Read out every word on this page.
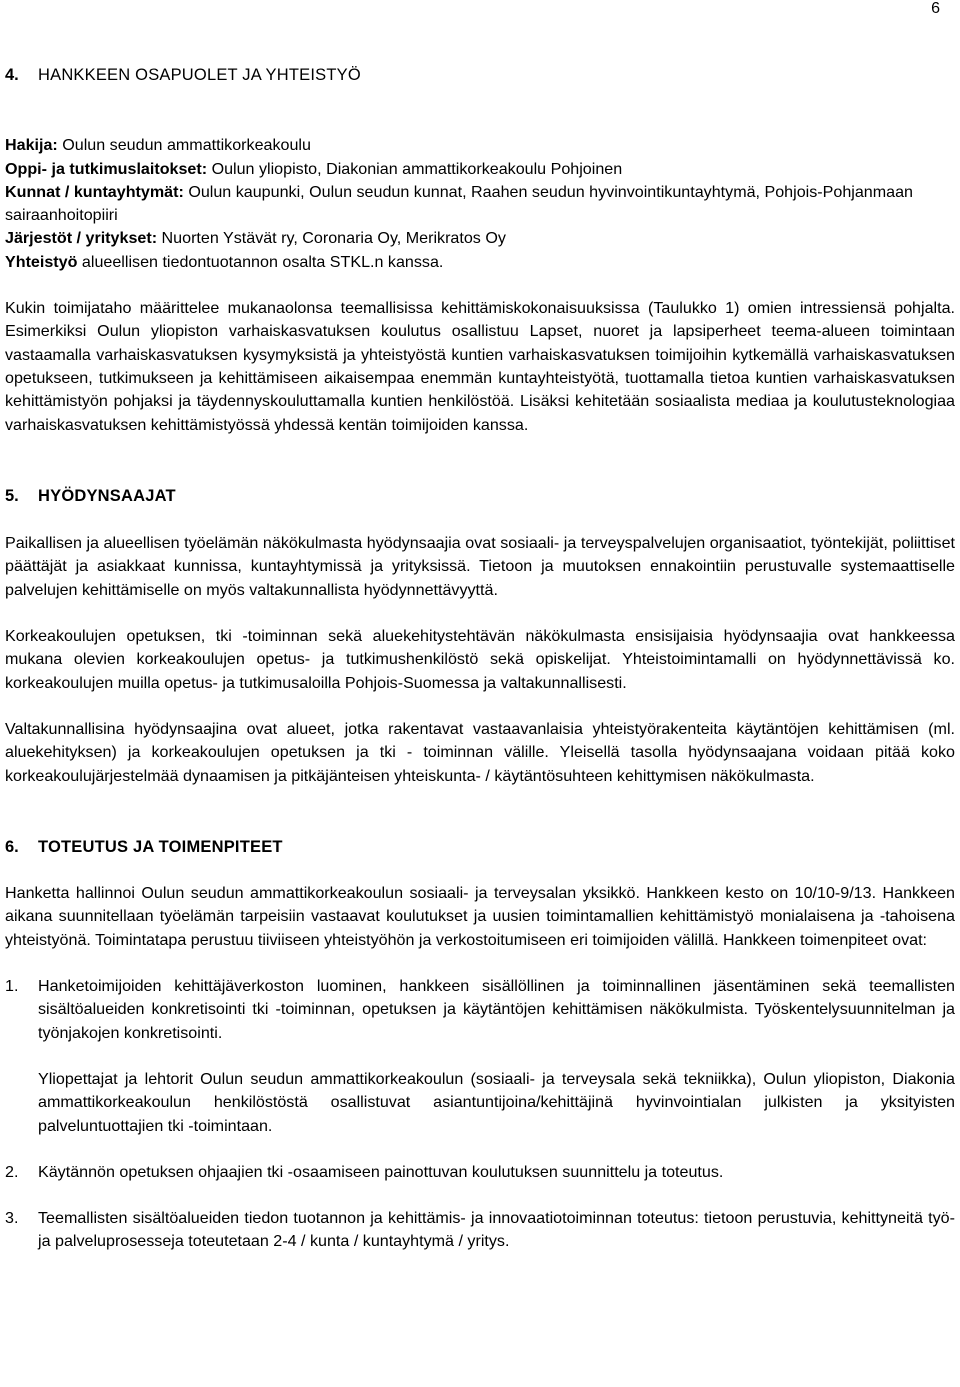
6
4.	HANKKEEN OSAPUOLET JA YHTEISTYÖ
Hakija: Oulun seudun ammattikorkeakoulu
Oppi- ja tutkimuslaitokset: Oulun yliopisto, Diakonian ammattikorkeakoulu Pohjoinen
Kunnat / kuntayhtymät: Oulun kaupunki, Oulun seudun kunnat, Raahen seudun hyvinvointikuntayhtymä, Pohjois-Pohjanmaan sairaanhoitopiiri
Järjestöt / yritykset: Nuorten Ystävät ry, Coronaria Oy, Merikratos Oy
Yhteistyö alueellisen tiedontuotannon osalta STKL.n kanssa.

Kukin toimijataho määrittelee mukanaolonsa teemallisissa kehittämiskokonaisuuksissa (Taulukko 1) omien intressiensä pohjalta. Esimerkiksi Oulun yliopiston varhaiskasvatuksen koulutus osallistuu Lapset, nuoret ja lapsiperheet teema-alueen toimintaan vastaamalla varhaiskasvatuksen kysymyksistä ja yhteistyöstä kuntien varhaiskasvatuksen toimijoihin kytkemällä varhaiskasvatuksen opetukseen, tutkimukseen ja kehittämiseen aikaisempaa enemmän kuntayhteistyötä, tuottamalla tietoa kuntien varhaiskasvatuksen kehittämistyön pohjaksi ja täydennyskouluttamalla kuntien henkilöstöä. Lisäksi kehitetään sosiaalista mediaa ja koulutusteknologiaa varhaiskasvatuksen kehittämistyössä yhdessä kentän toimijoiden kanssa.

5.	HYÖDYNSAAJAT

Paikallisen ja alueellisen työelämän näkökulmasta hyödynsaajia ovat sosiaali- ja terveyspalvelujen organisaatiot, työntekijät, poliittiset päättäjät ja asiakkaat kunnissa, kuntayhtymissä ja yrityksissä. Tietoon ja muutoksen ennakointiin perustuvalle systemaattiselle palvelujen kehittämiselle on myös valtakunnallista hyödynnettävyyttä.

Korkeakoulujen opetuksen, tki -toiminnan sekä aluekehitystehtävän näkökulmasta ensisijaisia hyödynsaajia ovat hankkeessa mukana olevien korkeakoulujen opetus- ja tutkimushenkilöstö sekä opiskelijat. Yhteistoimintamalli on hyödynnettävissä ko. korkeakoulujen muilla opetus- ja tutkimusaloilla Pohjois-Suomessa ja valtakunnallisesti.

Valtakunnallisina hyödynsaajina ovat alueet, jotka rakentavat vastaavanlaisia yhteistyörakenteita käytäntöjen kehittämisen (ml. aluekehityksen) ja korkeakoulujen opetuksen ja tki - toiminnan välille. Yleisellä tasolla hyödynsaajana voidaan pitää koko korkeakoulujärjestelmää dynaamisen ja pitkäjänteisen yhteiskunta- / käytäntösuhteen kehittymisen näkökulmasta.

6.	TOTEUTUS JA TOIMENPITEET

Hanketta hallinnoi Oulun seudun ammattikorkeakoulun sosiaali- ja terveysalan yksikkö. Hankkeen kesto on 10/10-9/13. Hankkeen aikana suunnitellaan työelämän tarpeisiin vastaavat koulutukset ja uusien toimintamallien kehittämistyö monialaisena ja -tahoisena yhteistyönä. Toimintatapa perustuu tiiviiseen yhteistyöhön ja verkostoitumiseen eri toimijoiden välillä. Hankkeen toimenpiteet ovat:

1.	Hanketoimijoiden kehittäjäverkoston luominen, hankkeen sisällöllinen ja toiminnallinen jäsentäminen sekä teemallisten sisältöalueiden konkretisointi tki -toiminnan, opetuksen ja käytäntöjen kehittämisen näkökulmista. Työskentelysuunnitelman ja työnjakojen konkretisointi.
Yliopettajat ja lehtorit Oulun seudun ammattikorkeakoulun (sosiaali- ja terveysala sekä tekniikka), Oulun yliopiston, Diakonia ammattikorkeakoulun henkilöstöstä osallistuvat asiantuntijoina/kehittäjinä hyvinvointialan julkisten ja yksityisten palveluntuottajien tki -toimintaan.
2.	Käytännön opetuksen ohjaajien tki -osaamiseen painottuvan koulutuksen suunnittelu ja toteutus.
3.	Teemallisten sisältöalueiden tiedon tuotannon ja kehittämis- ja innovaatiotoiminnan toteutus: tietoon perustuvia, kehittyneitä työ- ja palveluprosesseja toteutetaan 2-4 / kunta / kuntayhtymä / yritys.
